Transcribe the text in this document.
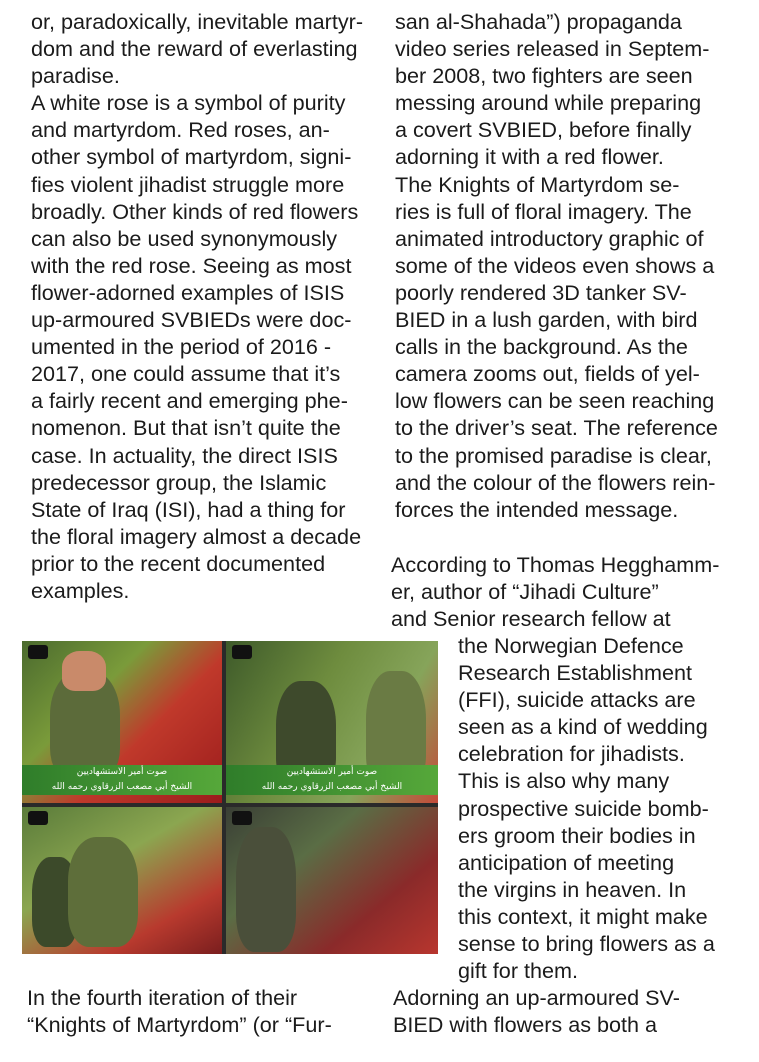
or, paradoxically, inevitable martyr-

dom and the reward of everlasting

paradise.

A white rose is a symbol of purity

and martyrdom. Red roses, an-

other symbol of martyrdom, signi-

fies violent jihadist struggle more

broadly. Other kinds of red flowers

can also be used synonymously

with the red rose. Seeing as most

flower-adorned examples of ISIS

up-armoured SVBIEDs were doc-

umented in the period of 2016 -

2017, one could assume that it’s

a fairly recent and emerging phe-

nomenon. But that isn’t quite the

case. In actuality, the direct ISIS

predecessor group, the Islamic

State of Iraq (ISI), had a thing for

the floral imagery almost a decade

prior to the recent documented

examples.

san al-Shahada”) propaganda

video series released in Septem-

ber 2008, two fighters are seen

messing around while preparing

a covert SVBIED, before finally

adorning it with a red flower.

The Knights of Martyrdom se-

ries is full of floral imagery. The

animated introductory graphic of

some of the videos even shows a

poorly rendered 3D tanker SV-

BIED in a lush garden, with bird

calls in the background. As the

camera zooms out, fields of yel-

low flowers can be seen reaching

to the driver’s seat. The reference

to the promised paradise is clear,

and the colour of the flowers rein-

forces the intended message.

According to Thomas Hegghamm-

er, author of “Jihadi Culture”

and Senior research fellow at

the Norwegian Defence

Research Establishment

(FFI), suicide attacks are

seen as a kind of wedding

celebration for jihadists.

This is also why many

prospective suicide bomb-

ers groom their bodies in

anticipation of meeting

the virgins in heaven. In

this context, it might make

sense to bring flowers as a

gift for them.

صوت أمير الاستشهاديين
الشيخ أبي مصعب الزرقاوي رحمه الله
صوت أمير الاستشهاديين
الشيخ أبي مصعب الزرقاوي رحمه الله

In the fourth iteration of their

“Knights of Martyrdom” (or “Fur-

Adorning an up-armoured SV-

BIED with flowers as both a
